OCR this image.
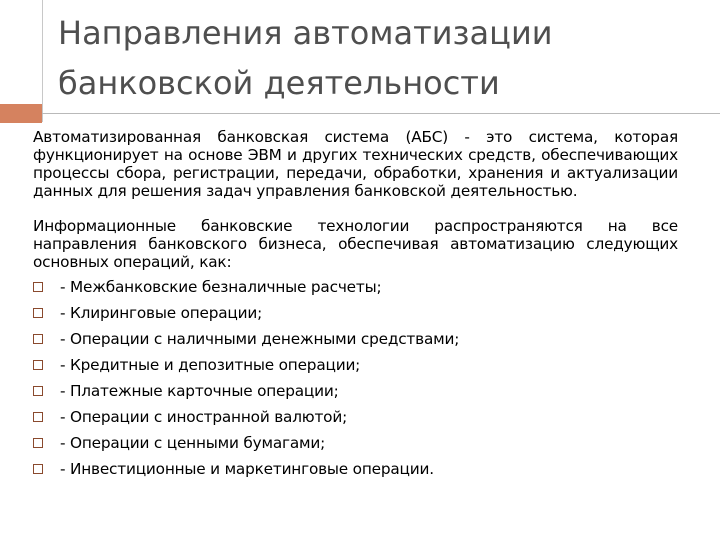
Направления автоматизации
банковской деятельности

Автоматизированная банковская система (АБС) - это система, которая функционирует на основе ЭВМ и других технических средств, обеспечивающих процессы сбора, регистрации, передачи, обработки, хранения и актуализации данных для решения задач управления банковской деятельностью.

Информационные банковские технологии распространяются на все направления банковского бизнеса, обеспечивая автоматизацию следующих основных операций, как:

- Межбанковские безналичные расчеты;
- Клиринговые операции;
- Операции с наличными денежными средствами;
- Кредитные и депозитные операции;
- Платежные карточные операции;
- Операции с иностранной валютой;
- Операции с ценными бумагами;
- Инвестиционные и маркетинговые операции.
